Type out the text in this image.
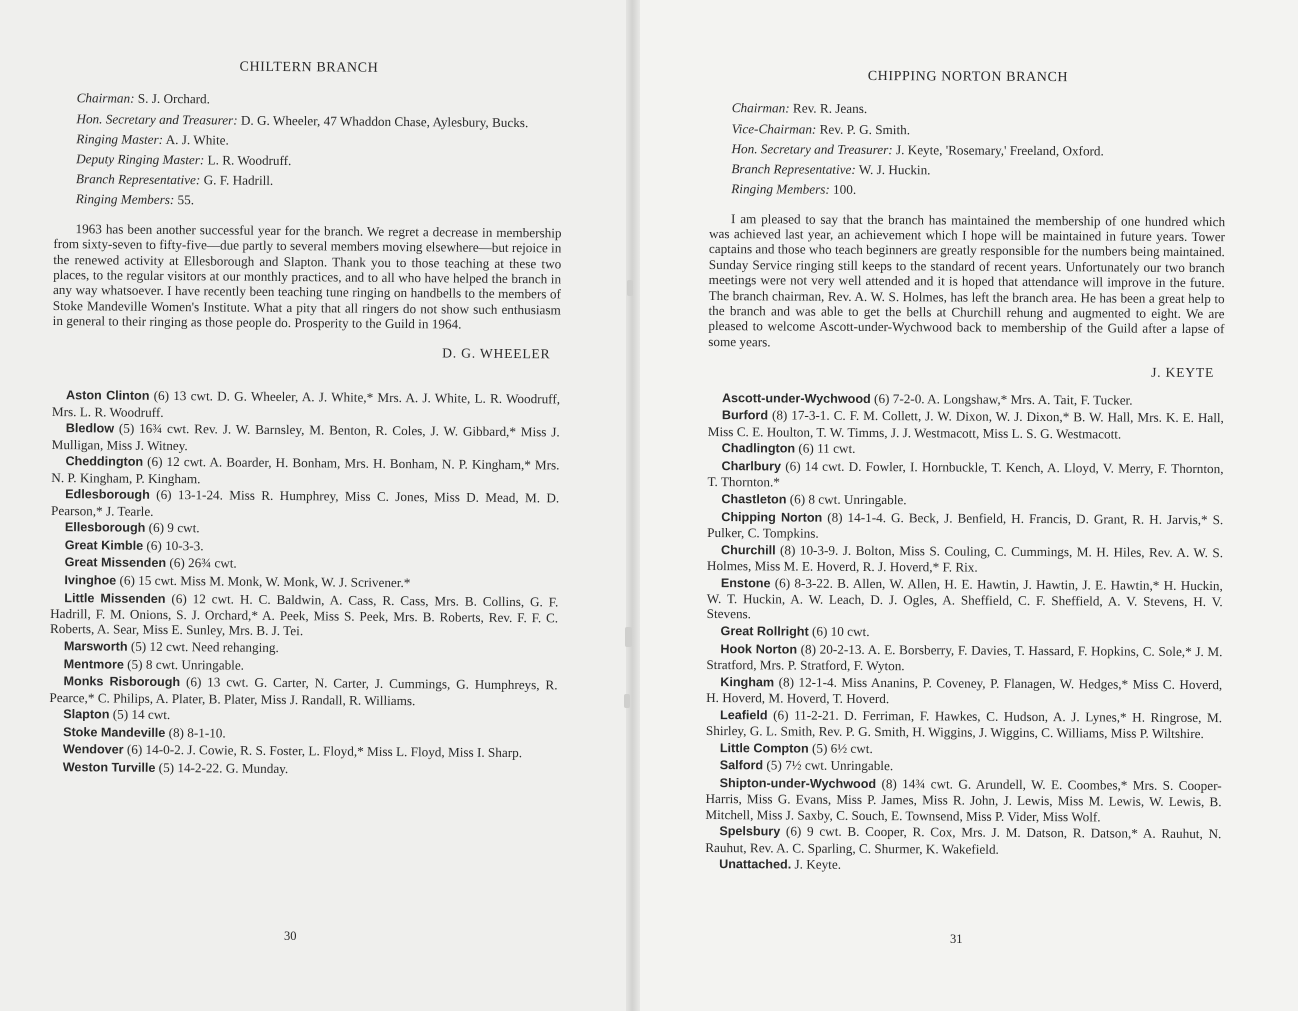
CHILTERN BRANCH
Chairman: S. J. Orchard.
Hon. Secretary and Treasurer: D. G. Wheeler, 47 Whaddon Chase, Aylesbury, Bucks.
Ringing Master: A. J. White.
Deputy Ringing Master: L. R. Woodruff.
Branch Representative: G. F. Hadrill.
Ringing Members: 55.

1963 has been another successful year for the branch. We regret a decrease in membership from sixty-seven to fifty-five—due partly to several members moving elsewhere—but rejoice in the renewed activity at Ellesborough and Slapton. Thank you to those teaching at these two places, to the regular visitors at our monthly practices, and to all who have helped the branch in any way whatsoever. I have recently been teaching tune ringing on handbells to the members of Stoke Mandeville Women's Institute. What a pity that all ringers do not show such enthusiasm in general to their ringing as those people do. Prosperity to the Guild in 1964.

D. G. WHEELER
Aston Clinton (6) 13 cwt. D. G. Wheeler, A. J. White,* Mrs. A. J. White, L. R. Woodruff, Mrs. L. R. Woodruff.
Bledlow (5) 16¾ cwt. Rev. J. W. Barnsley, M. Benton, R. Coles, J. W. Gibbard,* Miss J. Mulligan, Miss J. Witney.
Cheddington (6) 12 cwt. A. Boarder, H. Bonham, Mrs. H. Bonham, N. P. Kingham,* Mrs. N. P. Kingham, P. Kingham.
Edlesborough (6) 13-1-24. Miss R. Humphrey, Miss C. Jones, Miss D. Mead, M. D. Pearson,* J. Tearle.
Ellesborough (6) 9 cwt.
Great Kimble (6) 10-3-3.
Great Missenden (6) 26¾ cwt.
Ivinghoe (6) 15 cwt. Miss M. Monk, W. Monk, W. J. Scrivener.*
Little Missenden (6) 12 cwt. H. C. Baldwin, A. Cass, R. Cass, Mrs. B. Collins, G. F. Hadrill, F. M. Onions, S. J. Orchard,* A. Peek, Miss S. Peek, Mrs. B. Roberts, Rev. F. F. C. Roberts, A. Sear, Miss E. Sunley, Mrs. B. J. Tei.
Marsworth (5) 12 cwt. Need rehanging.
Mentmore (5) 8 cwt. Unringable.
Monks Risborough (6) 13 cwt. G. Carter, N. Carter, J. Cummings, G. Humphreys, R. Pearce,* C. Philips, A. Plater, B. Plater, Miss J. Randall, R. Williams.
Slapton (5) 14 cwt.
Stoke Mandeville (8) 8-1-10.
Wendover (6) 14-0-2. J. Cowie, R. S. Foster, L. Floyd,* Miss L. Floyd, Miss I. Sharp.
Weston Turville (5) 14-2-22. G. Munday.
30
CHIPPING NORTON BRANCH
Chairman: Rev. R. Jeans.
Vice-Chairman: Rev. P. G. Smith.
Hon. Secretary and Treasurer: J. Keyte, 'Rosemary,' Freeland, Oxford.
Branch Representative: W. J. Huckin.
Ringing Members: 100.

I am pleased to say that the branch has maintained the membership of one hundred which was achieved last year, an achievement which I hope will be maintained in future years. Tower captains and those who teach beginners are greatly responsible for the numbers being maintained. Sunday Service ringing still keeps to the standard of recent years. Unfortunately our two branch meetings were not very well attended and it is hoped that attendance will improve in the future. The branch chairman, Rev. A. W. S. Holmes, has left the branch area. He has been a great help to the branch and was able to get the bells at Churchill rehung and augmented to eight. We are pleased to welcome Ascott-under-Wychwood back to membership of the Guild after a lapse of some years.

J. KEYTE
Ascott-under-Wychwood (6) 7-2-0. A. Longshaw,* Mrs. A. Tait, F. Tucker.
Burford (8) 17-3-1. C. F. M. Collett, J. W. Dixon, W. J. Dixon,* B. W. Hall, Mrs. K. E. Hall, Miss C. E. Houlton, T. W. Timms, J. J. Westmacott, Miss L. S. G. Westmacott.
Chadlington (6) 11 cwt.
Charlbury (6) 14 cwt. D. Fowler, I. Hornbuckle, T. Kench, A. Lloyd, V. Merry, F. Thornton, T. Thornton.*
Chastleton (6) 8 cwt. Unringable.
Chipping Norton (8) 14-1-4. G. Beck, J. Benfield, H. Francis, D. Grant, R. H. Jarvis,* S. Pulker, C. Tompkins.
Churchill (8) 10-3-9. J. Bolton, Miss S. Couling, C. Cummings, M. H. Hiles, Rev. A. W. S. Holmes, Miss M. E. Hoverd, R. J. Hoverd,* F. Rix.
Enstone (6) 8-3-22. B. Allen, W. Allen, H. E. Hawtin, J. Hawtin, J. E. Hawtin,* H. Huckin, W. T. Huckin, A. W. Leach, D. J. Ogles, A. Sheffield, C. F. Sheffield, A. V. Stevens, H. V. Stevens.
Great Rollright (6) 10 cwt.
Hook Norton (8) 20-2-13. A. E. Borsberry, F. Davies, T. Hassard, F. Hopkins, C. Sole,* J. M. Stratford, Mrs. P. Stratford, F. Wyton.
Kingham (8) 12-1-4. Miss Ananins, P. Coveney, P. Flanagen, W. Hedges,* Miss C. Hoverd, H. Hoverd, M. Hoverd, T. Hoverd.
Leafield (6) 11-2-21. D. Ferriman, F. Hawkes, C. Hudson, A. J. Lynes,* H. Ringrose, M. Shirley, G. L. Smith, Rev. P. G. Smith, H. Wiggins, J. Wiggins, C. Williams, Miss P. Wiltshire.
Little Compton (5) 6½ cwt.
Salford (5) 7½ cwt. Unringable.
Shipton-under-Wychwood (8) 14¾ cwt. G. Arundell, W. E. Coombes,* Mrs. S. Cooper-Harris, Miss G. Evans, Miss P. James, Miss R. John, J. Lewis, Miss M. Lewis, W. Lewis, B. Mitchell, Miss J. Saxby, C. Souch, E. Townsend, Miss P. Vider, Miss Wolf.
Spelsbury (6) 9 cwt. B. Cooper, R. Cox, Mrs. J. M. Datson, R. Datson,* A. Rauhut, N. Rauhut, Rev. A. C. Sparling, C. Shurmer, K. Wakefield.
Unattached. J. Keyte.
31
